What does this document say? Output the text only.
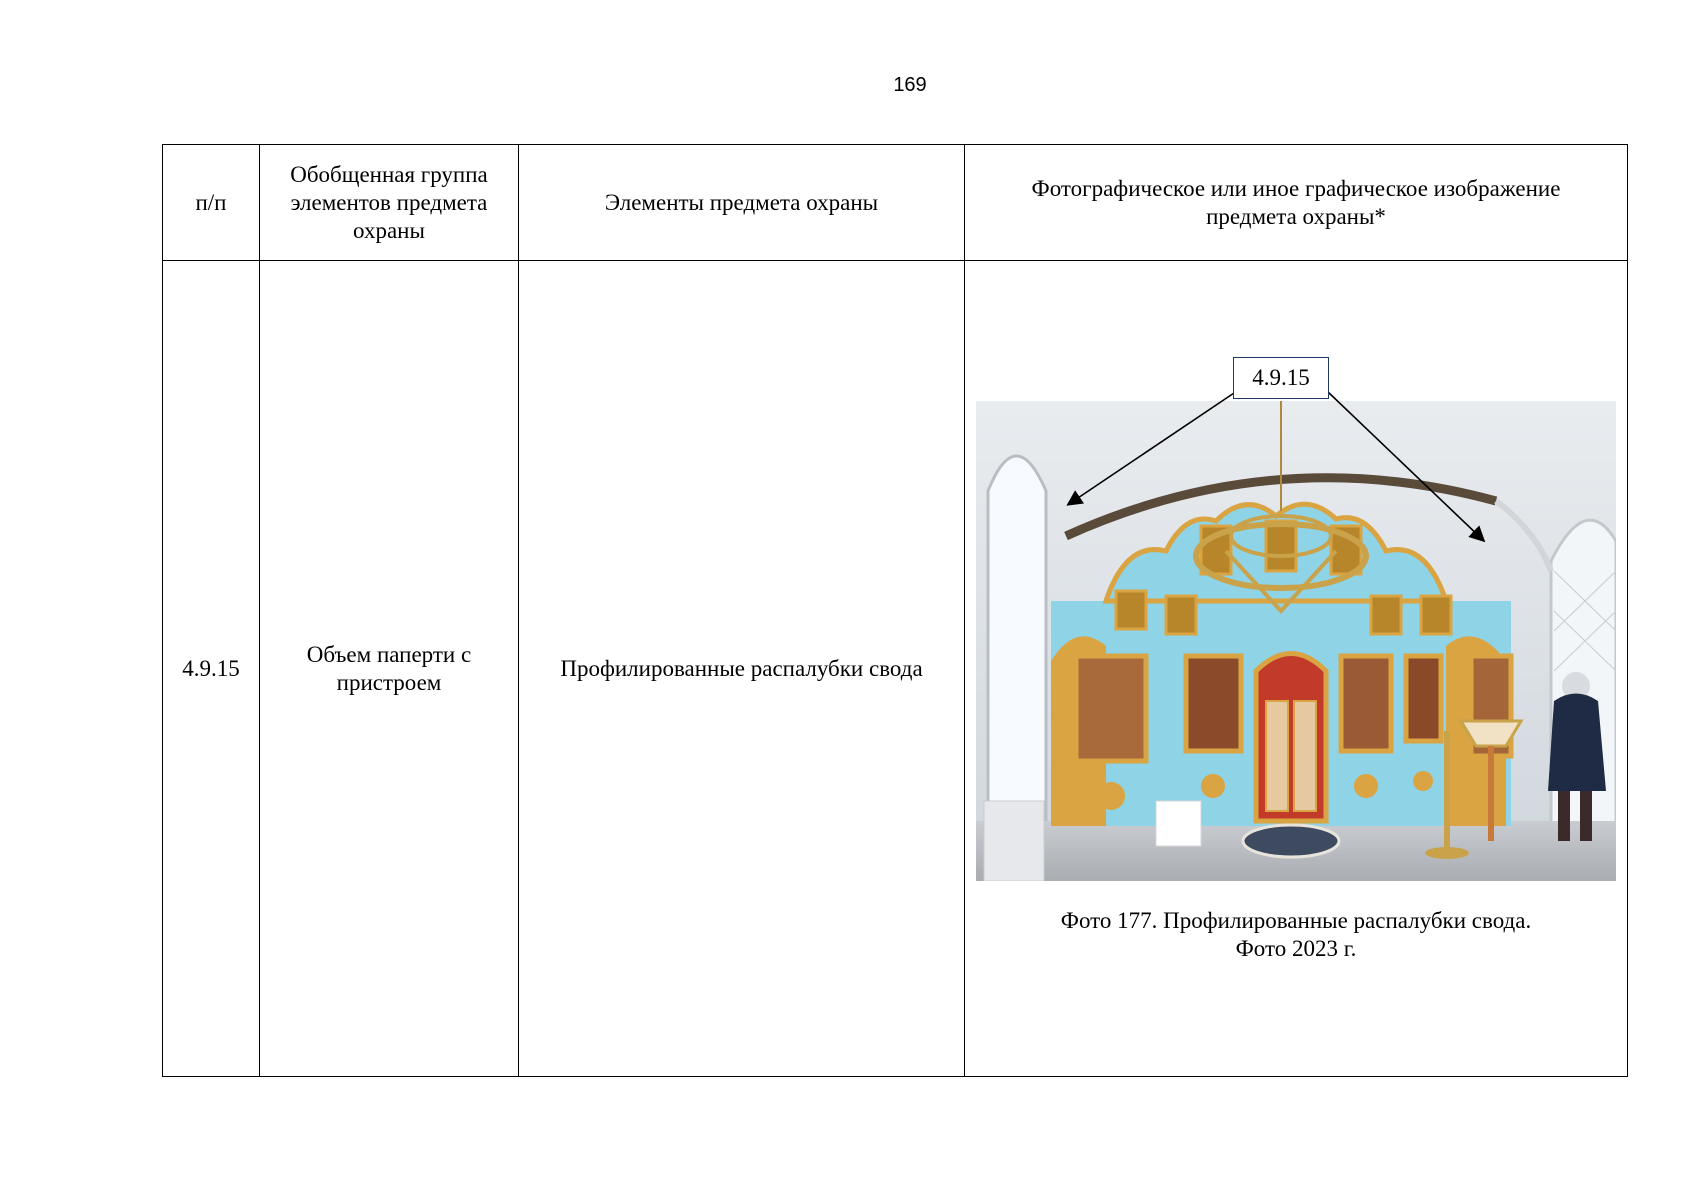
169
п/п	Обобщенная группа элементов предмета охраны	Элементы предмета охраны	Фотографическое или иное графическое изображение предмета охраны*
4.9.15	Объем паперти с пристроем	Профилированные распалубки свода	4.9.15
Фото 177. Профилированные распалубки свода.
Фото 2023 г.
